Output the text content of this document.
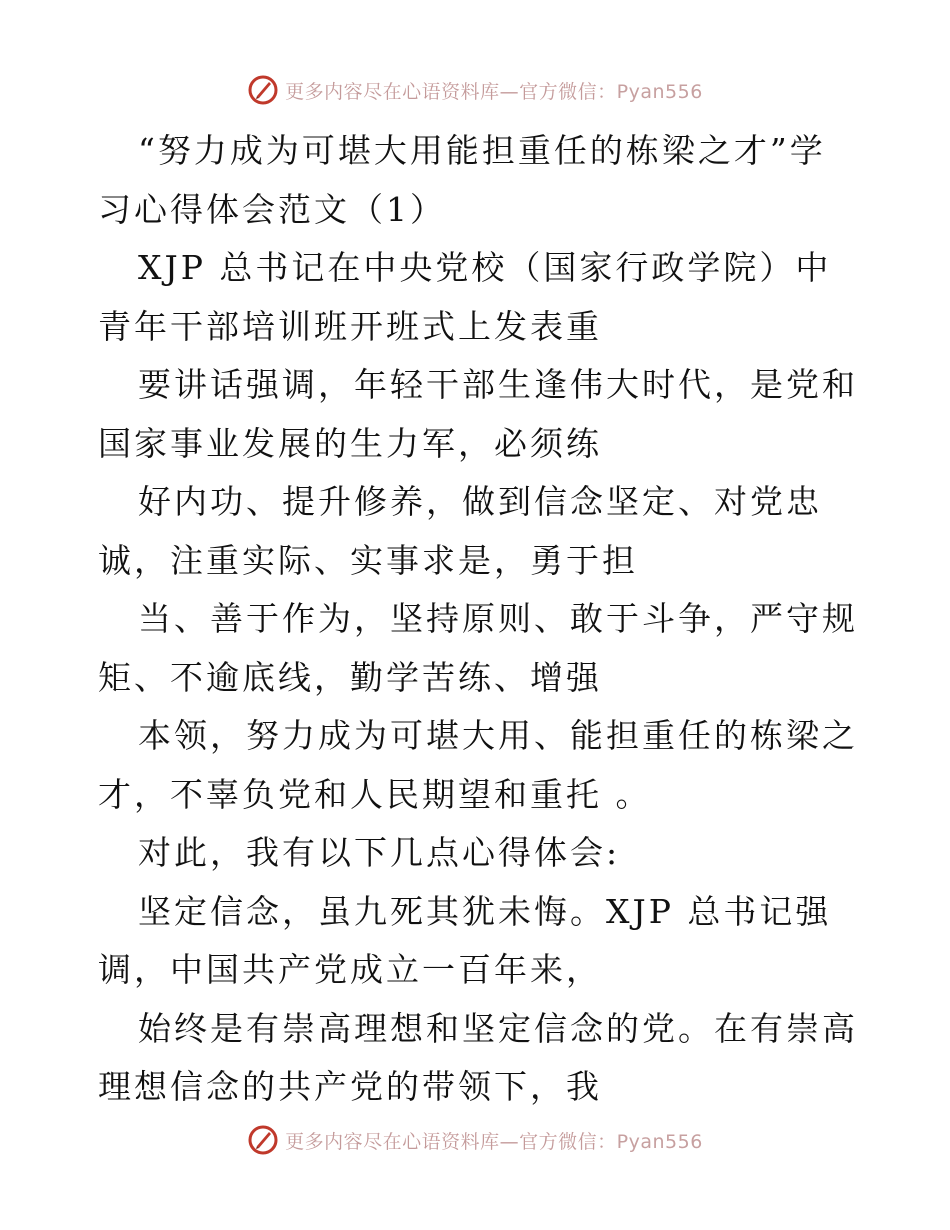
更多内容尽在心语资料库—官方微信：Pyan556

“努力成为可堪大用能担重任的栋梁之才”学习心得体会范文（1）

XJP 总书记在中央党校（国家行政学院）中青年干部培训班开班式上发表重

要讲话强调，年轻干部生逢伟大时代，是党和国家事业发展的生力军，必须练

好内功、提升修养，做到信念坚定、对党忠诚，注重实际、实事求是，勇于担

当、善于作为，坚持原则、敢于斗争，严守规矩、不逾底线，勤学苦练、增强

本领，努力成为可堪大用、能担重任的栋梁之才，不辜负党和人民期望和重托 。

对此，我有以下几点心得体会:

坚定信念，虽九死其犹未悔。XJP 总书记强调，中国共产党成立一百年来，

始终是有崇高理想和坚定信念的党。在有崇高理想信念的共产党的带领下，我

更多内容尽在心语资料库—官方微信：Pyan556
